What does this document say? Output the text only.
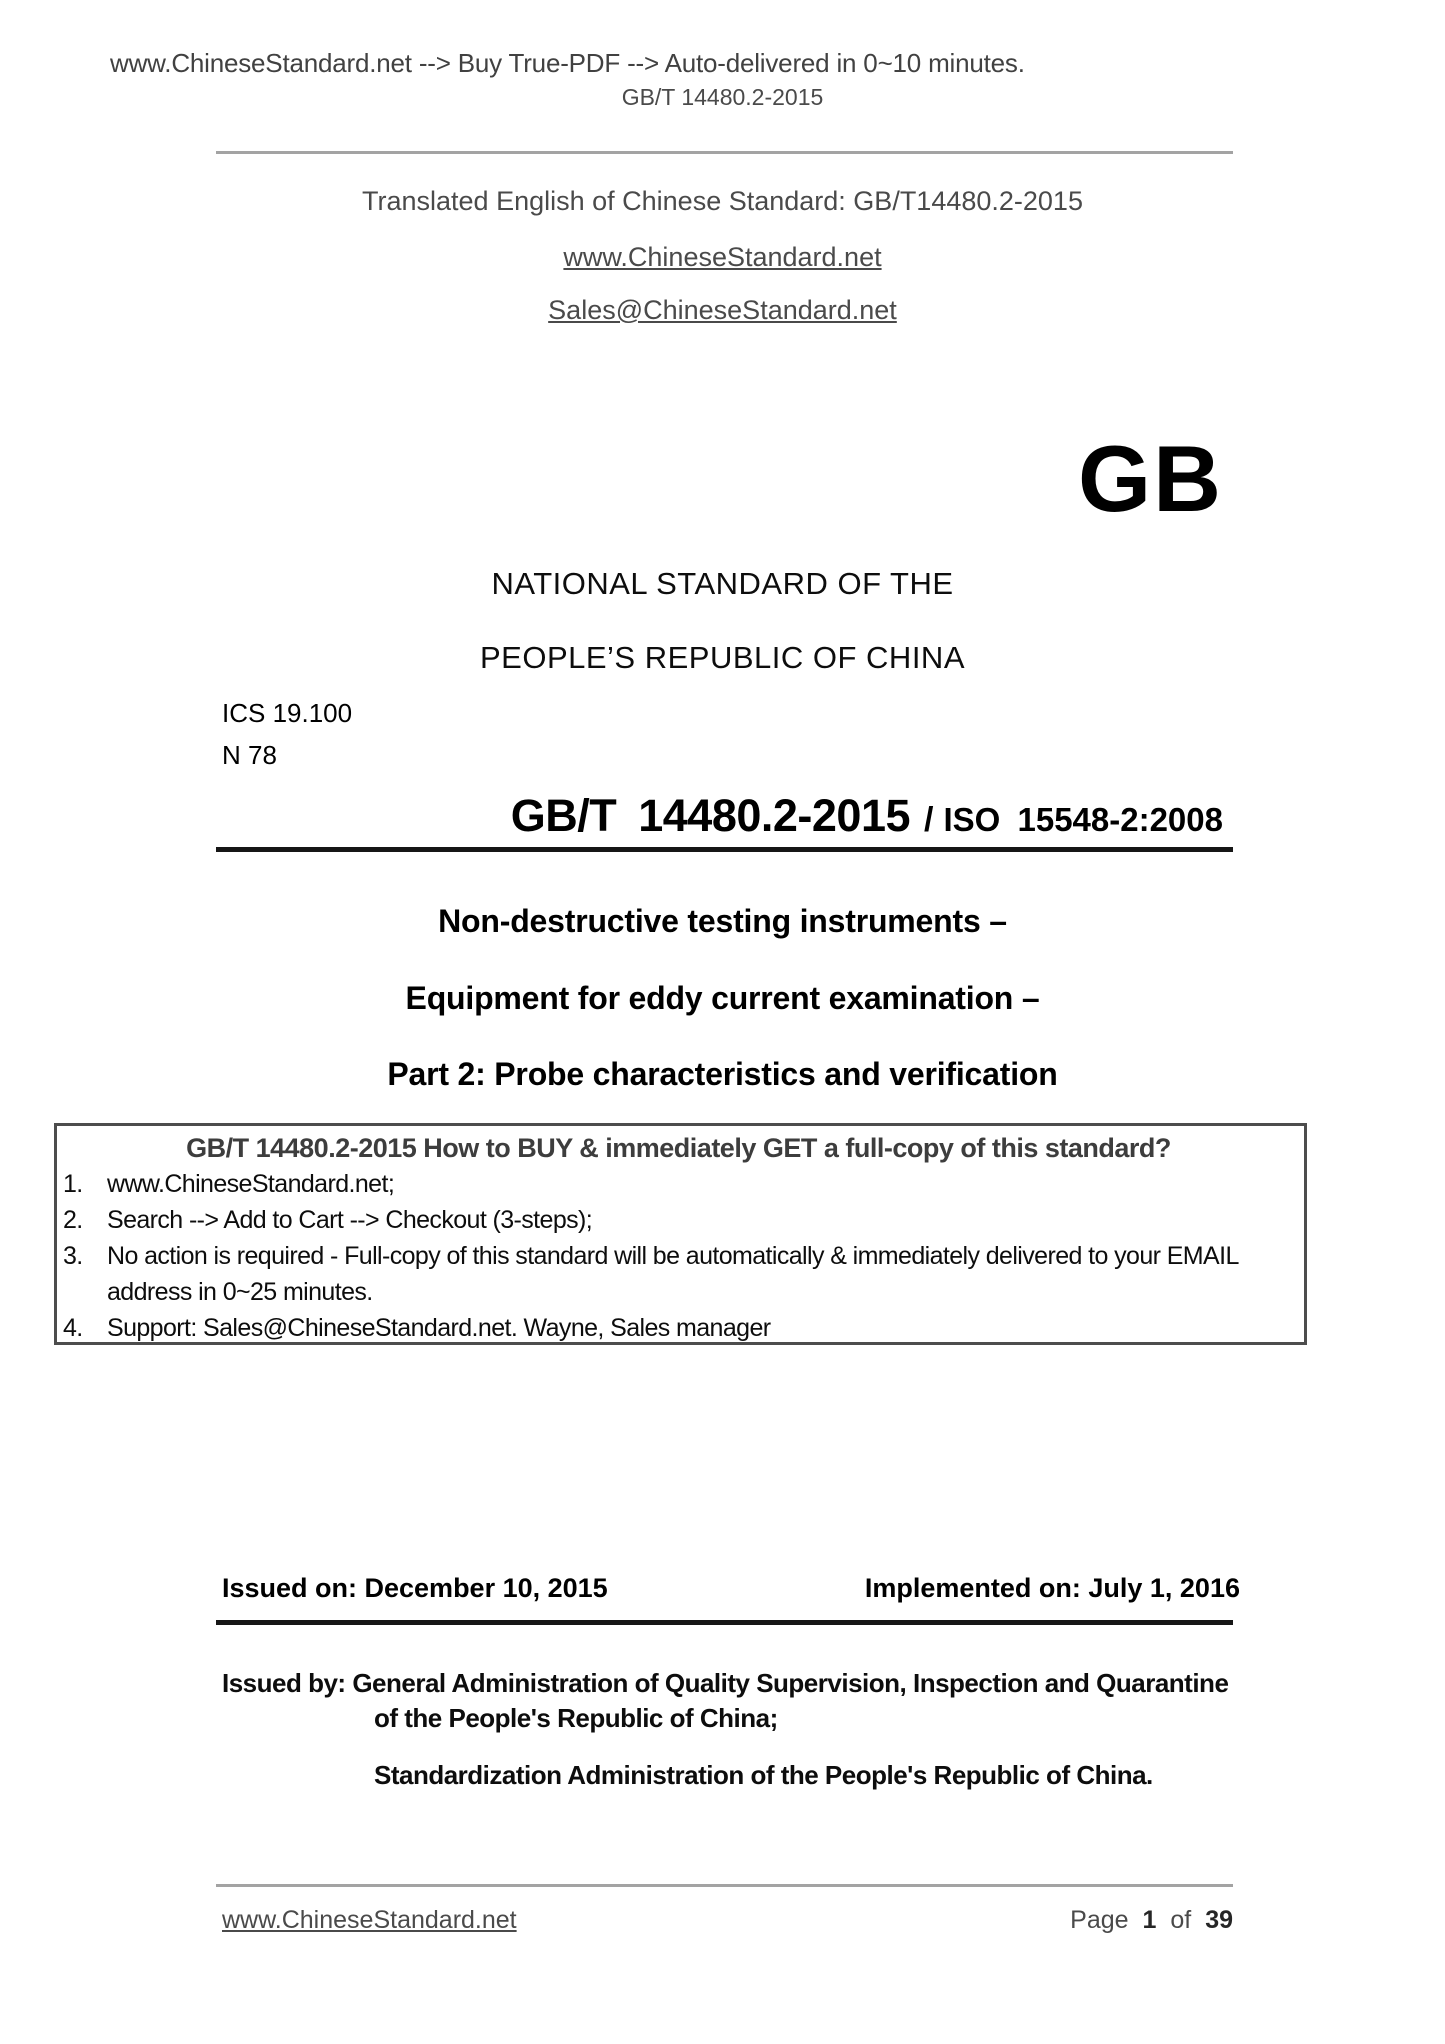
www.ChineseStandard.net --> Buy True-PDF --> Auto-delivered in 0~10 minutes.
GB/T 14480.2-2015
Translated English of Chinese Standard: GB/T14480.2-2015
www.ChineseStandard.net
Sales@ChineseStandard.net
GB
NATIONAL STANDARD OF THE
PEOPLE’S REPUBLIC OF CHINA
ICS 19.100
N 78
GB/T 14480.2-2015 / ISO 15548-2:2008
Non-destructive testing instruments –
Equipment for eddy current examination –
Part 2: Probe characteristics and verification
GB/T 14480.2-2015 How to BUY & immediately GET a full-copy of this standard?
1. www.ChineseStandard.net;
2. Search --> Add to Cart --> Checkout (3-steps);
3. No action is required - Full-copy of this standard will be automatically & immediately delivered to your EMAIL address in 0~25 minutes.
4. Support: Sales@ChineseStandard.net. Wayne, Sales manager
Issued on: December 10, 2015	Implemented on: July 1, 2016
Issued by: General Administration of Quality Supervision, Inspection and Quarantine of the People's Republic of China;
Standardization Administration of the People's Republic of China.
www.ChineseStandard.net	Page 1 of 39
